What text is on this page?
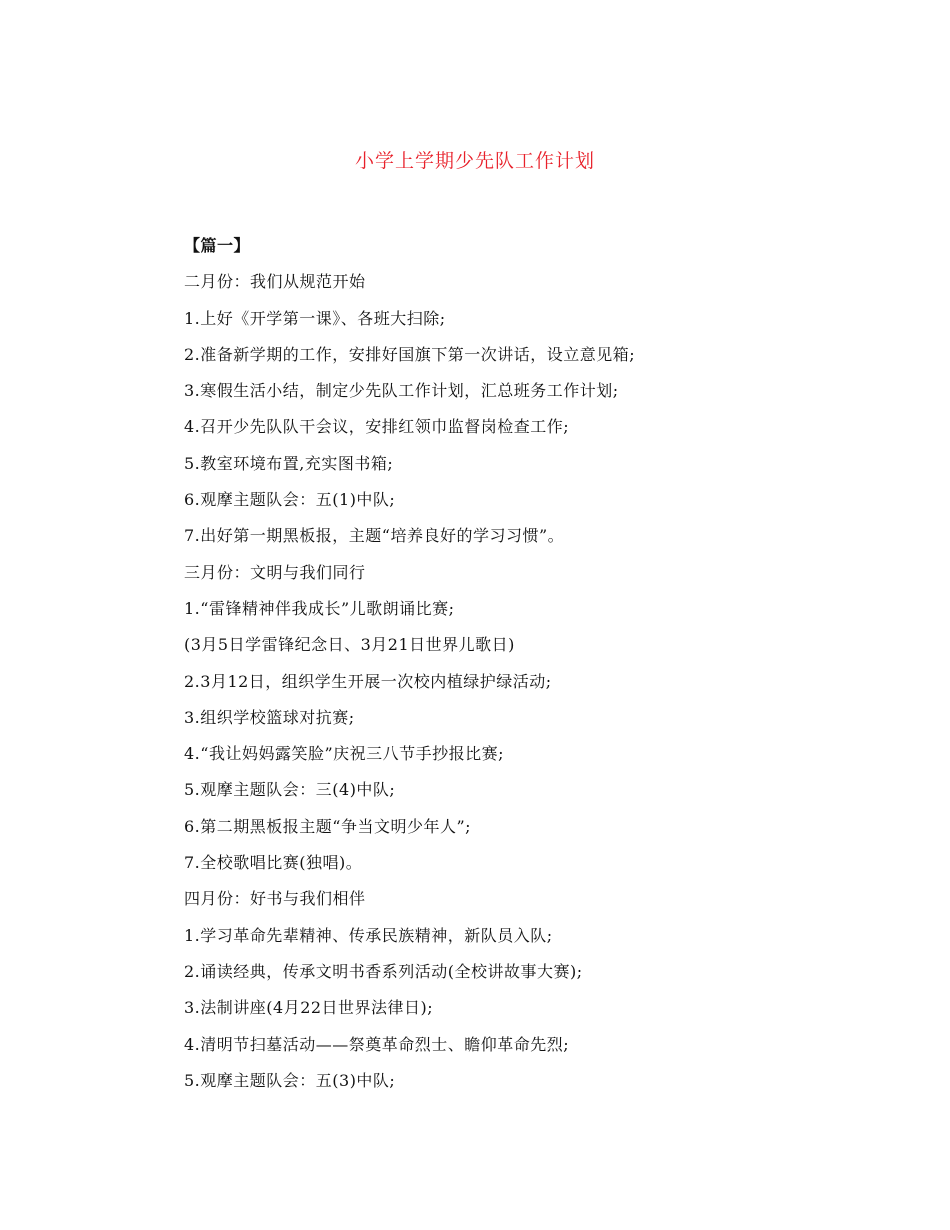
小学上学期少先队工作计划
【篇一】
二月份：我们从规范开始
1.上好《开学第一课》、各班大扫除;
2.准备新学期的工作，安排好国旗下第一次讲话，设立意见箱;
3.寒假生活小结，制定少先队工作计划，汇总班务工作计划;
4.召开少先队队干会议，安排红领巾监督岗检查工作;
5.教室环境布置,充实图书箱;
6.观摩主题队会：五(1)中队;
7.出好第一期黑板报，主题“培养良好的学习习惯”。
三月份：文明与我们同行
1.“雷锋精神伴我成长”儿歌朗诵比赛;
(3月5日学雷锋纪念日、3月21日世界儿歌日)
2.3月12日，组织学生开展一次校内植绿护绿活动;
3.组织学校篮球对抗赛;
4.“我让妈妈露笑脸”庆祝三八节手抄报比赛;
5.观摩主题队会：三(4)中队;
6.第二期黑板报主题“争当文明少年人”;
7.全校歌唱比赛(独唱)。
四月份：好书与我们相伴
1.学习革命先辈精神、传承民族精神，新队员入队;
2.诵读经典，传承文明书香系列活动(全校讲故事大赛);
3.法制讲座(4月22日世界法律日);
4.清明节扫墓活动——祭奠革命烈士、瞻仰革命先烈;
5.观摩主题队会：五(3)中队;
